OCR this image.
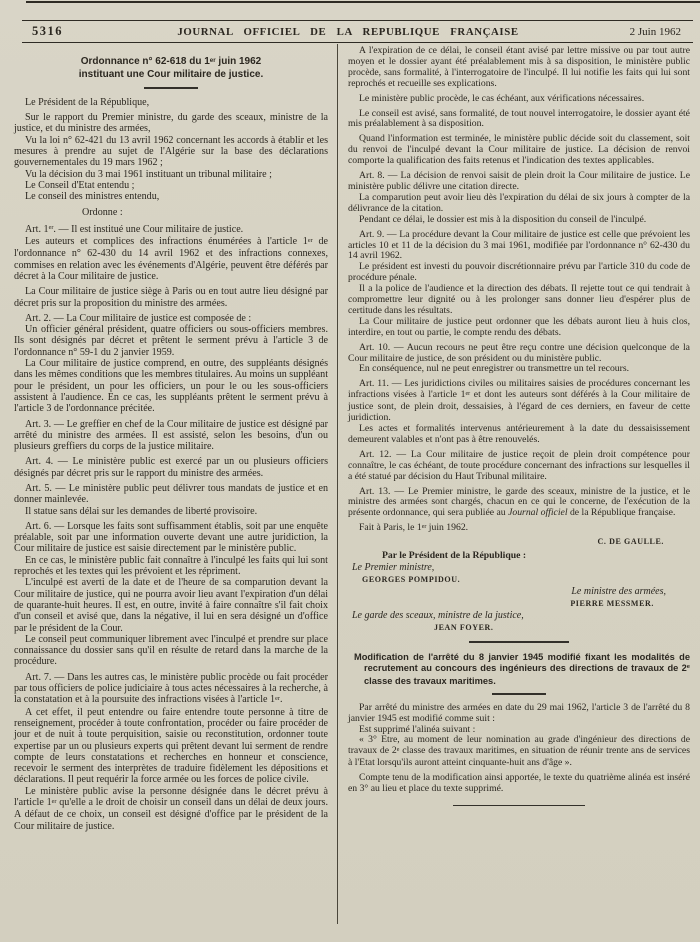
5316	JOURNAL OFFICIEL DE LA REPUBLIQUE FRANÇAISE	2 Juin 1962

Ordonnance n° 62-618 du 1er juin 1962

instituant une Cour militaire de justice.

Le Président de la République,

Sur le rapport du Premier ministre, du garde des sceaux, ministre de la justice, et du ministre des armées,

Vu la loi n° 62-421 du 13 avril 1962 concernant les accords à établir et les mesures à prendre au sujet de l'Algérie sur la base des déclarations gouvernementales du 19 mars 1962 ;

Vu la décision du 3 mai 1961 instituant un tribunal militaire ;

Le Conseil d'Etat entendu ;

Le conseil des ministres entendu,

Ordonne :

Art. 1er. — Il est institué une Cour militaire de justice.

Les auteurs et complices des infractions énumérées à l'article 1er de l'ordonnance n° 62-430 du 14 avril 1962 et des infractions connexes, commises en relation avec les événements d'Algérie, peuvent être déférés par décret à la Cour militaire de justice.

La Cour militaire de justice siège à Paris ou en tout autre lieu désigné par décret pris sur la proposition du ministre des armées.

Art. 2. — La Cour militaire de justice est composée de :

Un officier général président, quatre officiers ou sous-officiers membres. Ils sont désignés par décret et prêtent le serment prévu à l'article 3 de l'ordonnance n° 59-1 du 2 janvier 1959.

La Cour militaire de justice comprend, en outre, des suppléants désignés dans les mêmes conditions que les membres titulaires. Au moins un suppléant pour le président, un pour les officiers, un pour le ou les sous-officiers assistent à l'audience. En ce cas, les suppléants prêtent le serment prévu à l'article 3 de l'ordonnance précitée.

Art. 3. — Le greffier en chef de la Cour militaire de justice est désigné par arrêté du ministre des armées. Il est assisté, selon les besoins, d'un ou plusieurs greffiers du corps de la justice militaire.

Art. 4. — Le ministère public est exercé par un ou plusieurs officiers désignés par décret pris sur le rapport du ministre des armées.

Art. 5. — Le ministère public peut délivrer tous mandats de justice et en donner mainlevée.

Il statue sans délai sur les demandes de liberté provisoire.

Art. 6. — Lorsque les faits sont suffisamment établis, soit par une enquête préalable, soit par une information ouverte devant une autre juridiction, la Cour militaire de justice est saisie directement par le ministère public.

En ce cas, le ministère public fait connaître à l'inculpé les faits qui lui sont reprochés et les textes qui les prévoient et les répriment.

L'inculpé est averti de la date et de l'heure de sa comparution devant la Cour militaire de justice, qui ne pourra avoir lieu avant l'expiration d'un délai de quarante-huit heures. Il est, en outre, invité à faire connaître s'il fait choix d'un conseil et avisé que, dans la négative, il lui en sera désigné un d'office par le président de la Cour.

Le conseil peut communiquer librement avec l'inculpé et prendre sur place connaissance du dossier sans qu'il en résulte de retard dans la marche de la procédure.

Art. 7. — Dans les autres cas, le ministère public procède ou fait procéder par tous officiers de police judiciaire à tous actes nécessaires à la recherche, à la constatation et à la poursuite des infractions visées à l'article 1er.

A cet effet, il peut entendre ou faire entendre toute personne à titre de renseignement, procéder à toute confrontation, procéder ou faire procéder de jour et de nuit à toute perquisition, saisie ou reconstitution, ordonner toute expertise par un ou plusieurs experts qui prêtent devant lui serment de rendre compte de leurs constatations et recherches en honneur et conscience, recevoir le serment des interprètes de traduire fidèlement les dépositions et déclarations. Il peut requérir la force armée ou les forces de police civile.

Le ministère public avise la personne désignée dans le décret prévu à l'article 1er qu'elle a le droit de choisir un conseil dans un délai de deux jours. A défaut de ce choix, un conseil est désigné d'office par le président de la Cour militaire de justice.

A l'expiration de ce délai, le conseil étant avisé par lettre missive ou par tout autre moyen et le dossier ayant été préalablement mis à sa disposition, le ministère public procède, sans formalité, à l'interrogatoire de l'inculpé. Il lui notifie les faits qui lui sont reprochés et recueille ses explications.

Le ministère public procède, le cas échéant, aux vérifications nécessaires.

Le conseil est avisé, sans formalité, de tout nouvel interrogatoire, le dossier ayant été mis préalablement à sa disposition.

Quand l'information est terminée, le ministère public décide soit du classement, soit du renvoi de l'inculpé devant la Cour militaire de justice. La décision de renvoi comporte la qualification des faits retenus et l'indication des textes applicables.

Art. 8. — La décision de renvoi saisit de plein droit la Cour militaire de justice. Le ministère public délivre une citation directe.

La comparution peut avoir lieu dès l'expiration du délai de six jours à compter de la délivrance de la citation.

Pendant ce délai, le dossier est mis à la disposition du conseil de l'inculpé.

Art. 9. — La procédure devant la Cour militaire de justice est celle que prévoient les articles 10 et 11 de la décision du 3 mai 1961, modifiée par l'ordonnance n° 62-430 du 14 avril 1962.

Le président est investi du pouvoir discrétionnaire prévu par l'article 310 du code de procédure pénale.

Il a la police de l'audience et la direction des débats. Il rejette tout ce qui tendrait à compromettre leur dignité ou à les prolonger sans donner lieu d'espérer plus de certitude dans les résultats.

La Cour militaire de justice peut ordonner que les débats auront lieu à huis clos, interdire, en tout ou partie, le compte rendu des débats.

Art. 10. — Aucun recours ne peut être reçu contre une décision quelconque de la Cour militaire de justice, de son président ou du ministère public.

En conséquence, nul ne peut enregistrer ou transmettre un tel recours.

Art. 11. — Les juridictions civiles ou militaires saisies de procédures concernant les infractions visées à l'article 1er et dont les auteurs sont déférés à la Cour militaire de justice sont, de plein droit, dessaisies, à l'égard de ces derniers, en faveur de cette juridiction.

Les actes et formalités intervenus antérieurement à la date du dessaisissement demeurent valables et n'ont pas à être renouvelés.

Art. 12. — La Cour militaire de justice reçoit de plein droit compétence pour connaître, le cas échéant, de toute procédure concernant des infractions sur lesquelles il a été statué par décision du Haut Tribunal militaire.

Art. 13. — Le Premier ministre, le garde des sceaux, ministre de la justice, et le ministre des armées sont chargés, chacun en ce qui le concerne, de l'exécution de la présente ordonnance, qui sera publiée au Journal officiel de la République française.

Fait à Paris, le 1er juin 1962.

C. DE GAULLE.

Par le Président de la République :

Le Premier ministre,

GEORGES POMPIDOU.

Le ministre des armées,

PIERRE MESSMER.

Le garde des sceaux, ministre de la justice,

JEAN FOYER.

Modification de l'arrêté du 8 janvier 1945 modifié fixant les modalités de recrutement au concours des ingénieurs des directions de travaux de 2e classe des travaux maritimes.

Par arrêté du ministre des armées en date du 29 mai 1962, l'article 3 de l'arrêté du 8 janvier 1945 est modifié comme suit :

Est supprimé l'alinéa suivant :

« 3° Etre, au moment de leur nomination au grade d'ingénieur des directions de travaux de 2e classe des travaux maritimes, en situation de réunir trente ans de services à l'Etat lorsqu'ils auront atteint cinquante-huit ans d'âge ».

Compte tenu de la modification ainsi apportée, le texte du quatrième alinéa est inséré en 3° au lieu et place du texte supprimé.
